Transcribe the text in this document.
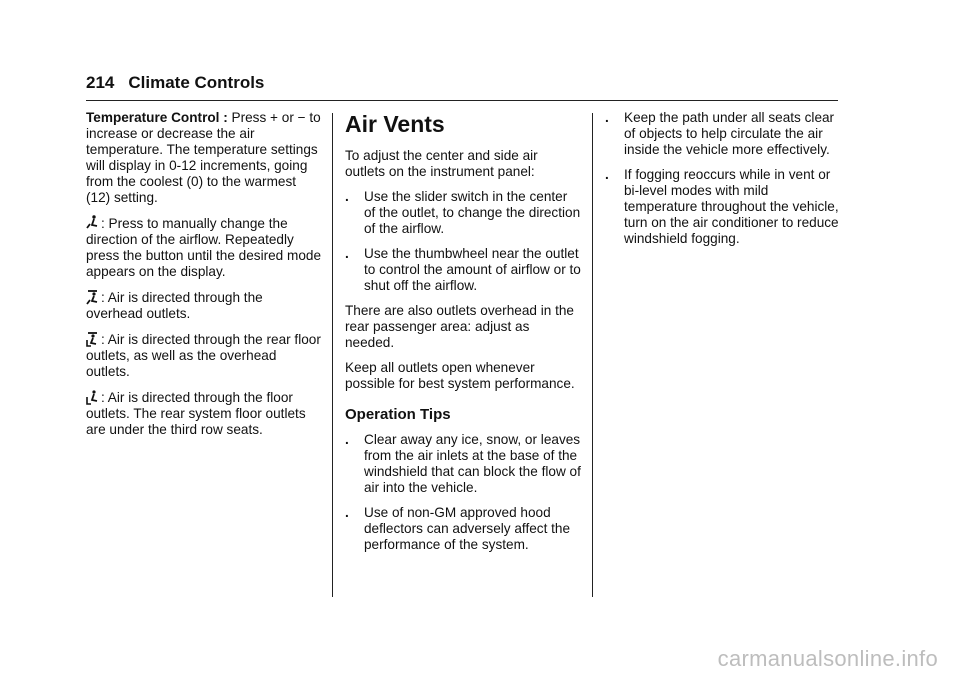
214 Climate Controls

Temperature Control : Press + or − to increase or decrease the air temperature. The temperature settings will display in 0-12 increments, going from the coolest (0) to the warmest (12) setting.

: Press to manually change the direction of the airflow. Repeatedly press the button until the desired mode appears on the display.

: Air is directed through the overhead outlets.

: Air is directed through the rear floor outlets, as well as the overhead outlets.

: Air is directed through the floor outlets. The rear system floor outlets are under the third row seats.

Air Vents

To adjust the center and side air outlets on the instrument panel:

. Use the slider switch in the center of the outlet, to change the direction of the airflow.
. Use the thumbwheel near the outlet to control the amount of airflow or to shut off the airflow.

There are also outlets overhead in the rear passenger area: adjust as needed.

Keep all outlets open whenever possible for best system performance.

Operation Tips
. Clear away any ice, snow, or leaves from the air inlets at the base of the windshield that can block the flow of air into the vehicle.
. Use of non-GM approved hood deflectors can adversely affect the performance of the system.
. Keep the path under all seats clear of objects to help circulate the air inside the vehicle more effectively.
. If fogging reoccurs while in vent or bi-level modes with mild temperature throughout the vehicle, turn on the air conditioner to reduce windshield fogging.
carmanualsonline.info
